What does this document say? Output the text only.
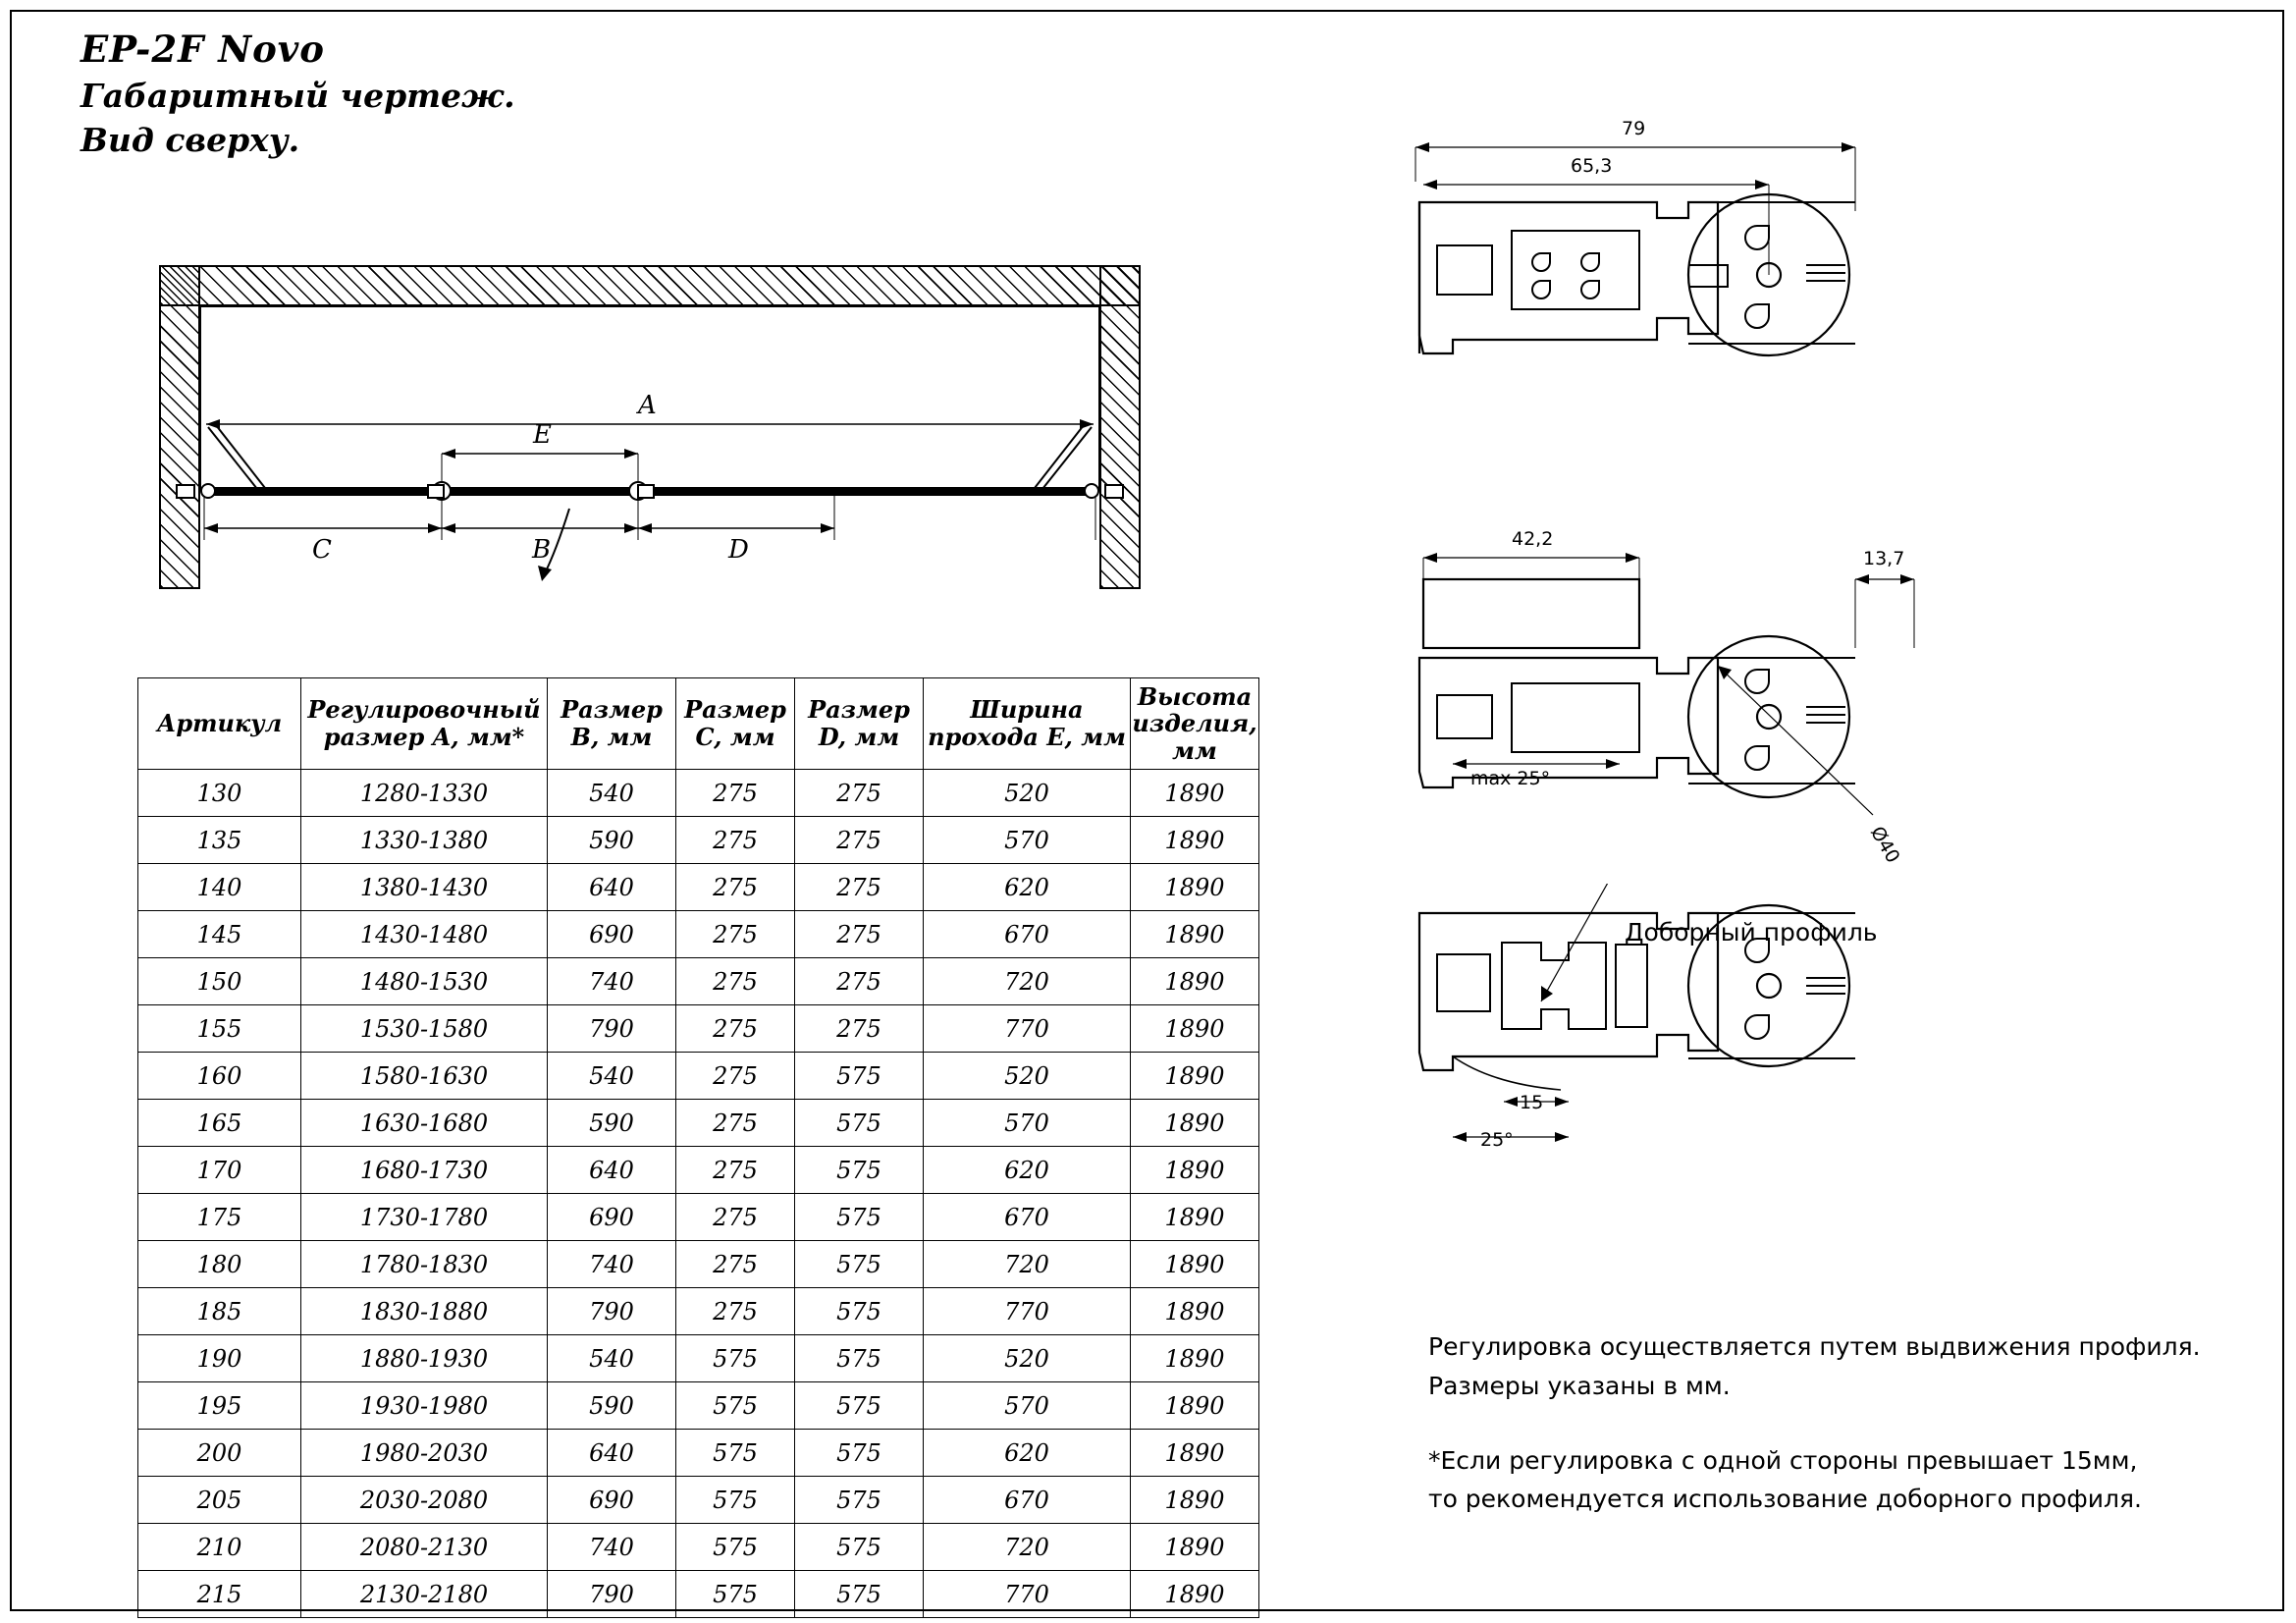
EP-2F Novo
Габаритный чертеж.
Вид сверху.
A
E
C	B	D
Артикул	Регулировочный размер A, мм*	Размер B, мм	Размер C, мм	Размер D, мм	Ширина прохода E, мм	Высота изделия, мм
130	1280-1330	540	275	275	520	1890
135	1330-1380	590	275	275	570	1890
140	1380-1430	640	275	275	620	1890
145	1430-1480	690	275	275	670	1890
150	1480-1530	740	275	275	720	1890
155	1530-1580	790	275	275	770	1890
160	1580-1630	540	275	575	520	1890
165	1630-1680	590	275	575	570	1890
170	1680-1730	640	275	575	620	1890
175	1730-1780	690	275	575	670	1890
180	1780-1830	740	275	575	720	1890
185	1830-1880	790	275	575	770	1890
190	1880-1930	540	575	575	520	1890
195	1930-1980	590	575	575	570	1890
200	1980-2030	640	575	575	620	1890
205	2030-2080	690	575	575	670	1890
210	2080-2130	740	575	575	720	1890
215	2130-2180	790	575	575	770	1890
79
65,3
42,2
13,7
max 25°
Ø40
15
25°
Доборный профиль

Регулировка осуществляется путем выдвижения профиля.

Размеры указаны в мм.

*Если регулировка с одной стороны превышает 15мм,

то рекомендуется использование доборного профиля.
